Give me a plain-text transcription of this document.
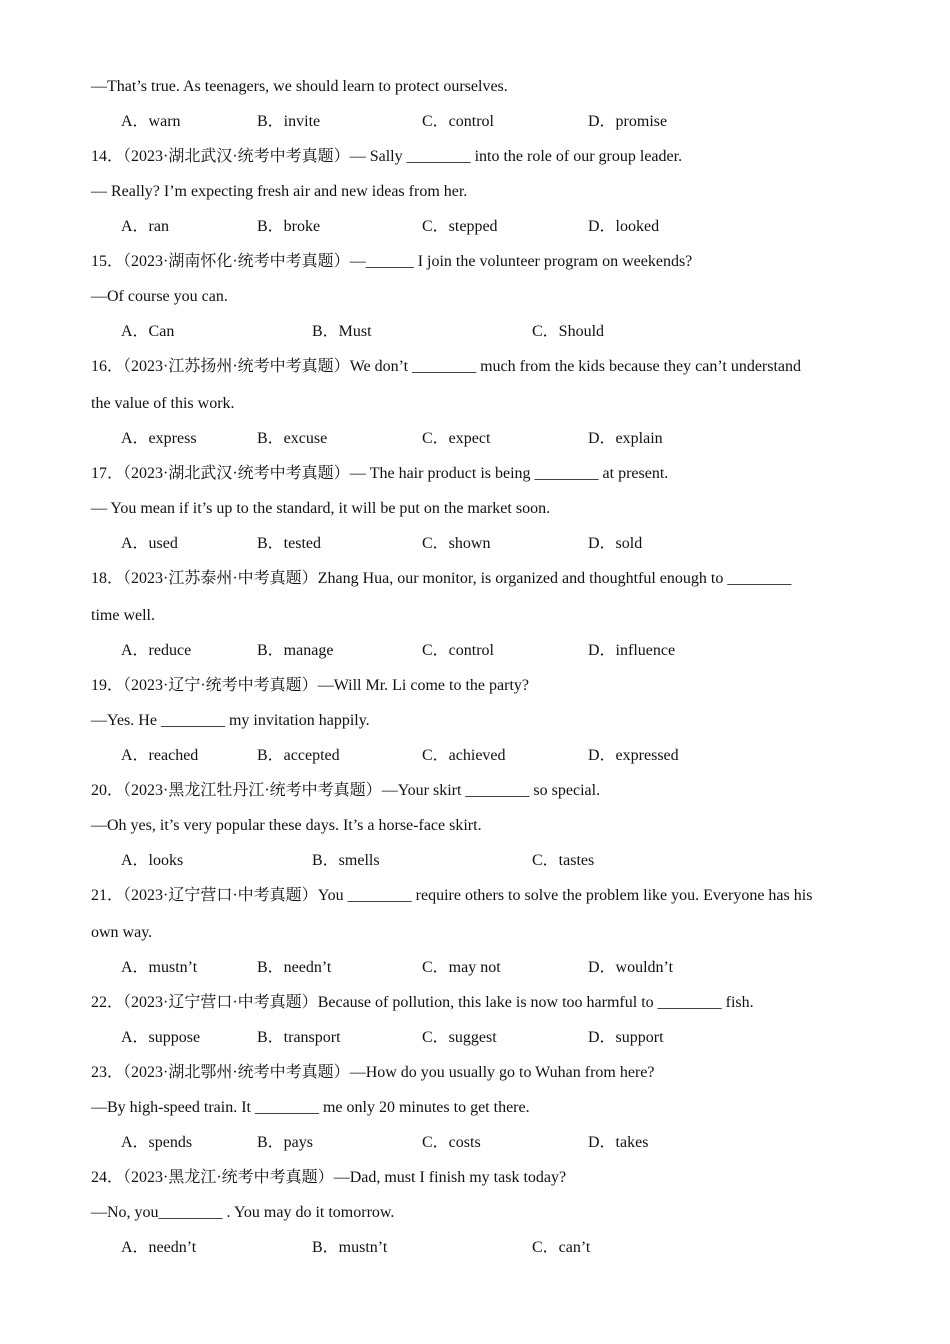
—That’s true. As teenagers, we should learn to protect ourselves.
A．warn	B．invite	C．control	D．promise
14．（2023·湖北武汉·统考中考真题）— Sally ________ into the role of our group leader.
— Really? I’m expecting fresh air and new ideas from her.
A．ran	B．broke	C．stepped	D．looked
15．（2023·湖南怀化·统考中考真题）—______ I join the volunteer program on weekends?
—Of course you can.
A．Can	B．Must	C．Should
16．（2023·江苏扬州·统考中考真题）We don’t ________ much from the kids because they can’t understand
the value of this work.
A．express	B．excuse	C．expect	D．explain
17．（2023·湖北武汉·统考中考真题）— The hair product is being ________ at present.
— You mean if it’s up to the standard, it will be put on the market soon.
A．used	B．tested	C．shown	D．sold
18．（2023·江苏泰州·中考真题）Zhang Hua, our monitor, is organized and thoughtful enough to ________
time well.
A．reduce	B．manage	C．control	D．influence
19．（2023·辽宁·统考中考真题）—Will Mr. Li come to the party?
—Yes. He ________ my invitation happily.
A．reached	B．accepted	C．achieved	D．expressed
20．（2023·黑龙江牡丹江·统考中考真题）—Your skirt ________ so special.
—Oh yes, it’s very popular these days. It’s a horse-face skirt.
A．looks	B．smells	C．tastes
21．（2023·辽宁营口·中考真题）You ________ require others to solve the problem like you. Everyone has his
own way.
A．mustn’t	B．needn’t	C．may not	D．wouldn’t
22．（2023·辽宁营口·中考真题）Because of pollution, this lake is now too harmful to ________ fish.
A．suppose	B．transport	C．suggest	D．support
23．（2023·湖北鄂州·统考中考真题）—How do you usually go to Wuhan from here?
—By high-speed train. It ________ me only 20 minutes to get there.
A．spends	B．pays	C．costs	D．takes
24．（2023·黑龙江·统考中考真题）—Dad, must I finish my task today?
—No, you________ . You may do it tomorrow.
A．needn’t	B．mustn’t	C．can’t
